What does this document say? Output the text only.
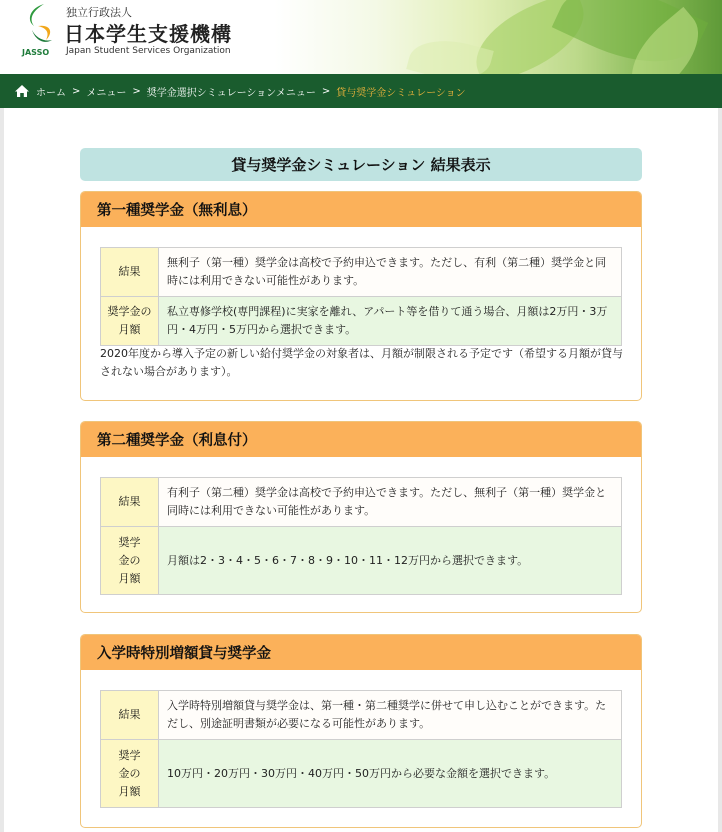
JASSO
独立行政法人
日本学生支援機構
Japan Student Services Organization
ホーム > メニュー > 奨学金選択シミュレーションメニュー > 貸与奨学金シミュレーション
貸与奨学金シミュレーション 結果表示
第一種奨学金（無利息）
結果	無利子（第一種）奨学金は高校で予約申込できます。ただし、有利（第二種）奨学金と同時には利用できない可能性があります。
奨学金の月額	私立専修学校(専門課程)に実家を離れ、アパート等を借りて通う場合、月額は2万円・3万円・4万円・5万円から選択できます。
2020年度から導入予定の新しい給付奨学金の対象者は、月額が制限される予定です（希望する月額が貸与されない場合があります）。
第二種奨学金（利息付）
結果	有利子（第二種）奨学金は高校で予約申込できます。ただし、無利子（第一種）奨学金と同時には利用できない可能性があります。
奨学金の月額	月額は2・3・4・5・6・7・8・9・10・11・12万円から選択できます。
入学時特別増額貸与奨学金
結果	入学時特別増額貸与奨学金は、第一種・第二種奨学に併せて申し込むことができます。ただし、別途証明書類が必要になる可能性があります。
奨学金の月額	10万円・20万円・30万円・40万円・50万円から必要な金額を選択できます。
